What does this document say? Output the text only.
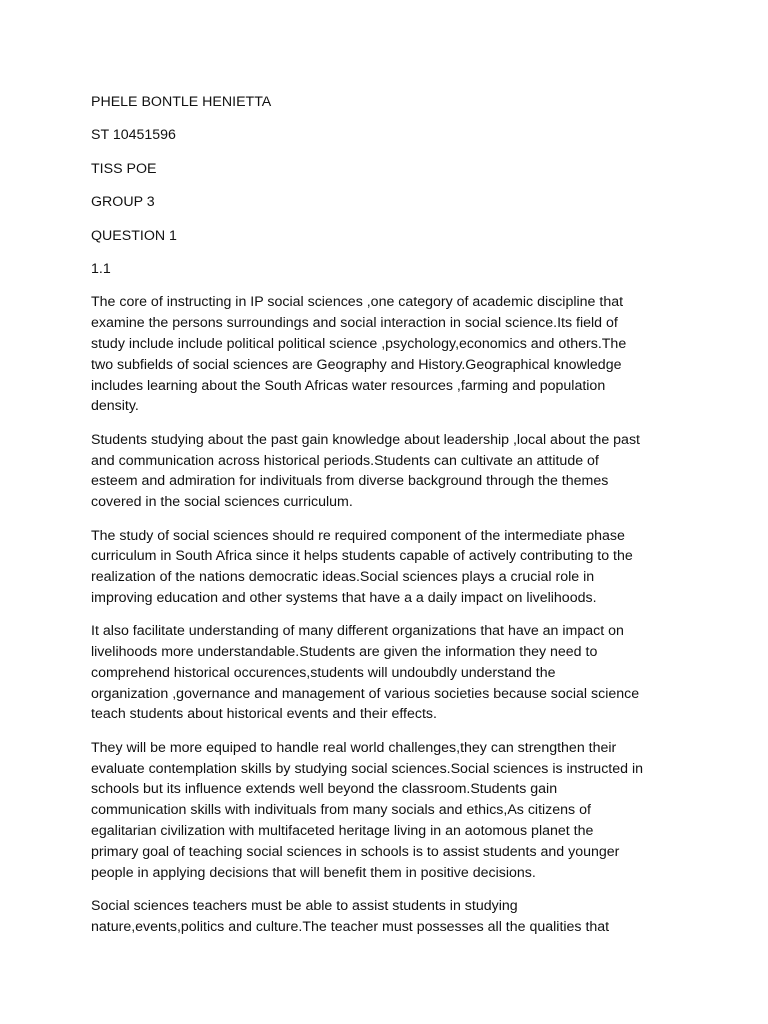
PHELE BONTLE HENIETTA
ST 10451596
TISS POE
GROUP 3
QUESTION 1
1.1

The core of instructing in IP social sciences ,one category of academic discipline that
examine the persons surroundings and social interaction in social science.Its field of
study include include political political science ,psychology,economics and others.The
two subfields of social sciences are Geography and History.Geographical knowledge
includes learning about the South Africas water resources ,farming and population
density.

Students studying about the past gain knowledge about leadership ,local about the past
and communication across historical periods.Students can cultivate an attitude of
esteem and admiration for indivituals from diverse background through the themes
covered in the social sciences curriculum.

The study of social sciences should re required component of the intermediate phase
curriculum in South Africa since it helps students capable of actively contributing to the
realization of the nations democratic ideas.Social sciences plays a crucial role in
improving education and other systems that have a a daily impact on livelihoods.

It also facilitate understanding of many different organizations that have an impact on
livelihoods more understandable.Students are given the information they need to
comprehend historical occurences,students will undoubdly understand the
organization ,governance and management of various societies because social science
teach students about historical events and their effects.

They will be more equiped to handle real world challenges,they can strengthen their
evaluate contemplation skills by studying social sciences.Social sciences is instructed in
schools but its influence extends well beyond the classroom.Students gain
communication skills with indivituals from many socials and ethics,As citizens of
egalitarian civilization with multifaceted heritage living in an aotomous planet the
primary goal of teaching social sciences in schools is to assist students and younger
people in applying decisions that will benefit them in positive decisions.

Social sciences teachers must be able to assist students in studying
nature,events,politics and culture.The teacher must possesses all the qualities that
